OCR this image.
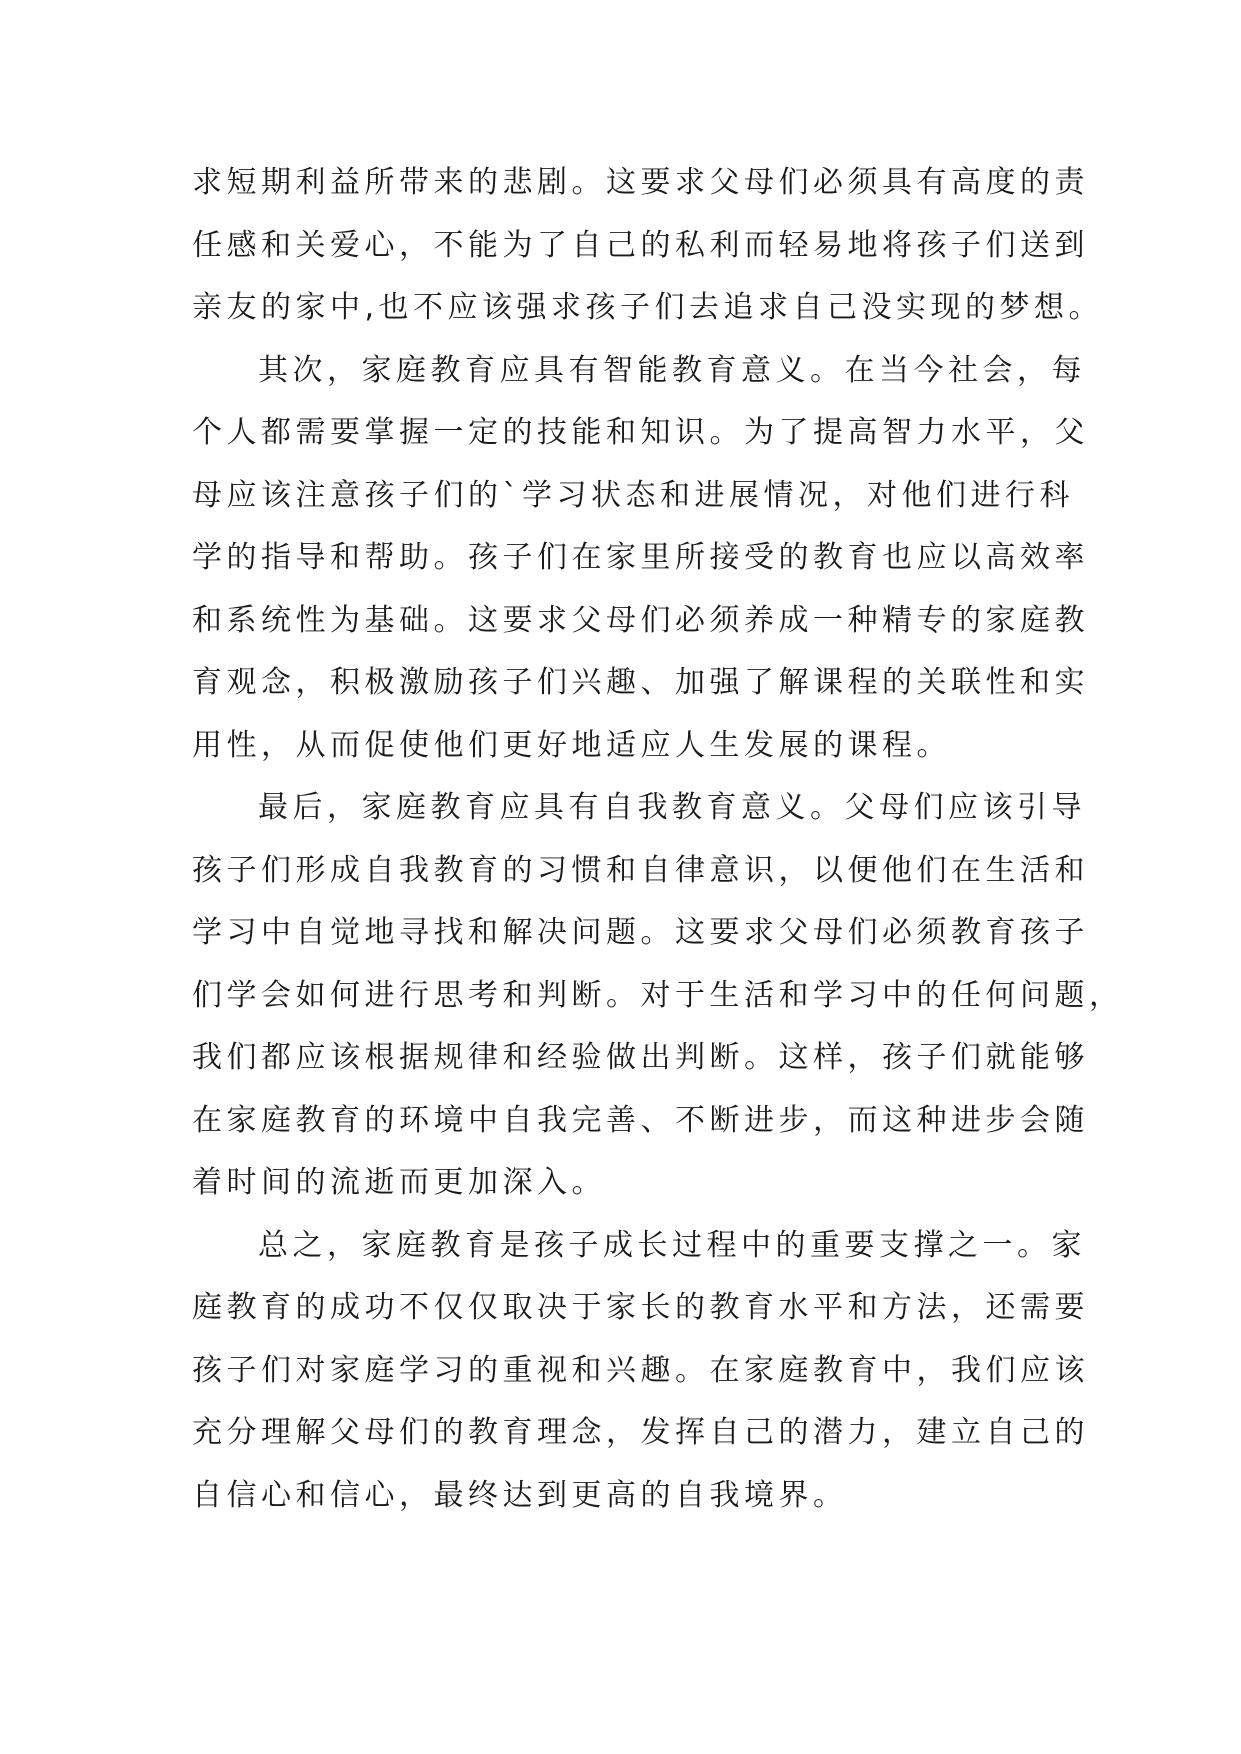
求短期利益所带来的悲剧。这要求父母们必须具有高度的责
任感和关爱心，不能为了自己的私利而轻易地将孩子们送到
亲友的家中,也不应该强求孩子们去追求自己没实现的梦想。
其次，家庭教育应具有智能教育意义。在当今社会，每
个人都需要掌握一定的技能和知识。为了提高智力水平，父
母应该注意孩子们的`学习状态和进展情况，对他们进行科
学的指导和帮助。孩子们在家里所接受的教育也应以高效率
和系统性为基础。这要求父母们必须养成一种精专的家庭教
育观念，积极激励孩子们兴趣、加强了解课程的关联性和实
用性，从而促使他们更好地适应人生发展的课程。
最后，家庭教育应具有自我教育意义。父母们应该引导
孩子们形成自我教育的习惯和自律意识，以便他们在生活和
学习中自觉地寻找和解决问题。这要求父母们必须教育孩子
们学会如何进行思考和判断。对于生活和学习中的任何问题，
我们都应该根据规律和经验做出判断。这样，孩子们就能够
在家庭教育的环境中自我完善、不断进步，而这种进步会随
着时间的流逝而更加深入。
总之，家庭教育是孩子成长过程中的重要支撑之一。家
庭教育的成功不仅仅取决于家长的教育水平和方法，还需要
孩子们对家庭学习的重视和兴趣。在家庭教育中，我们应该
充分理解父母们的教育理念，发挥自己的潜力，建立自己的
自信心和信心，最终达到更高的自我境界。
